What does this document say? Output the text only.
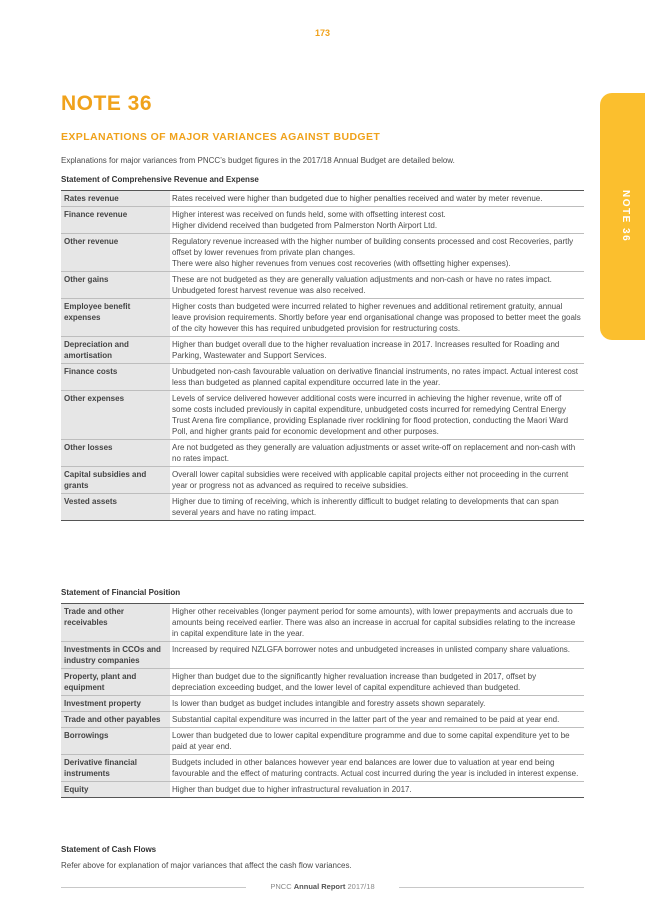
173
NOTE 36
NOTE 36
EXPLANATIONS OF MAJOR VARIANCES AGAINST BUDGET
Explanations for major variances from PNCC’s budget figures in the 2017/18 Annual Budget are detailed below.
Statement of Comprehensive Revenue and Expense
Rates revenue	Rates received were higher than budgeted due to higher penalties received and water by meter revenue.

Finance revenue	Higher interest was received on funds held, some with offsetting interest cost.
Higher dividend received than budgeted from Palmerston North Airport Ltd.

Other revenue	Regulatory revenue increased with the higher number of building consents processed and cost Recoveries, partly offset by lower revenues from private plan changes.
There were also higher revenues from venues cost recoveries (with offsetting higher expenses).

Other gains	These are not budgeted as they are generally valuation adjustments and non-cash or have no rates impact. Unbudgeted forest harvest revenue was also received.

Employee benefit expenses	Higher costs than budgeted were incurred related to higher revenues and additional retirement gratuity, annual leave provision requirements. Shortly before year end organisational change was proposed to better meet the goals of the city however this has required unbudgeted provision for restructuring costs.

Depreciation and amortisation	Higher than budget overall due to the higher revaluation increase in 2017. Increases resulted for Roading and Parking, Wastewater and Support Services.

Finance costs	Unbudgeted non-cash favourable valuation on derivative financial instruments, no rates impact. Actual interest cost less than budgeted as planned capital expenditure occurred late in the year.

Other expenses	Levels of service delivered however additional costs were incurred in achieving the higher revenue, write off of some costs included previously in capital expenditure, unbudgeted costs incurred for remedying Central Energy Trust Arena fire compliance, providing Esplanade river rocklining for flood protection, conducting the Maori Ward Poll, and higher grants paid for economic development and other purposes.

Other losses	Are not budgeted as they generally are valuation adjustments or asset write-off on replacement and non-cash with no rates impact.

Capital subsidies and grants	Overall lower capital subsidies were received with applicable capital projects either not proceeding in the current year or progress not as advanced as required to receive subsidies.

Vested assets	Higher due to timing of receiving, which is inherently difficult to budget relating to developments that can span several years and have no rating impact.
Statement of Financial Position
Trade and other receivables	Higher other receivables (longer payment period for some amounts), with lower prepayments and accruals due to amounts being received earlier. There was also an increase in accrual for capital subsidies relating to the increase in capital expenditure late in the year.

Investments in CCOs and industry companies	Increased by required NZLGFA borrower notes and unbudgeted increases in unlisted company share valuations.

Property, plant and equipment	Higher than budget due to the significantly higher revaluation increase than budgeted in 2017, offset by depreciation exceeding budget, and the lower level of capital expenditure achieved than budgeted.

Investment property	Is lower than budget as budget includes intangible and forestry assets shown separately.

Trade and other payables	Substantial capital expenditure was incurred in the latter part of the year and remained to be paid at year end.

Borrowings	Lower than budgeted due to lower capital expenditure programme and due to some capital expenditure yet to be paid at year end.

Derivative financial instruments	Budgets included in other balances however year end balances are lower due to valuation at year end being favourable and the effect of maturing contracts. Actual cost incurred during the year is included in interest expense.

Equity	Higher than budget due to higher infrastructural revaluation in 2017.
Statement of Cash Flows
Refer above for explanation of major variances that affect the cash flow variances.
PNCC Annual Report 2017/18
